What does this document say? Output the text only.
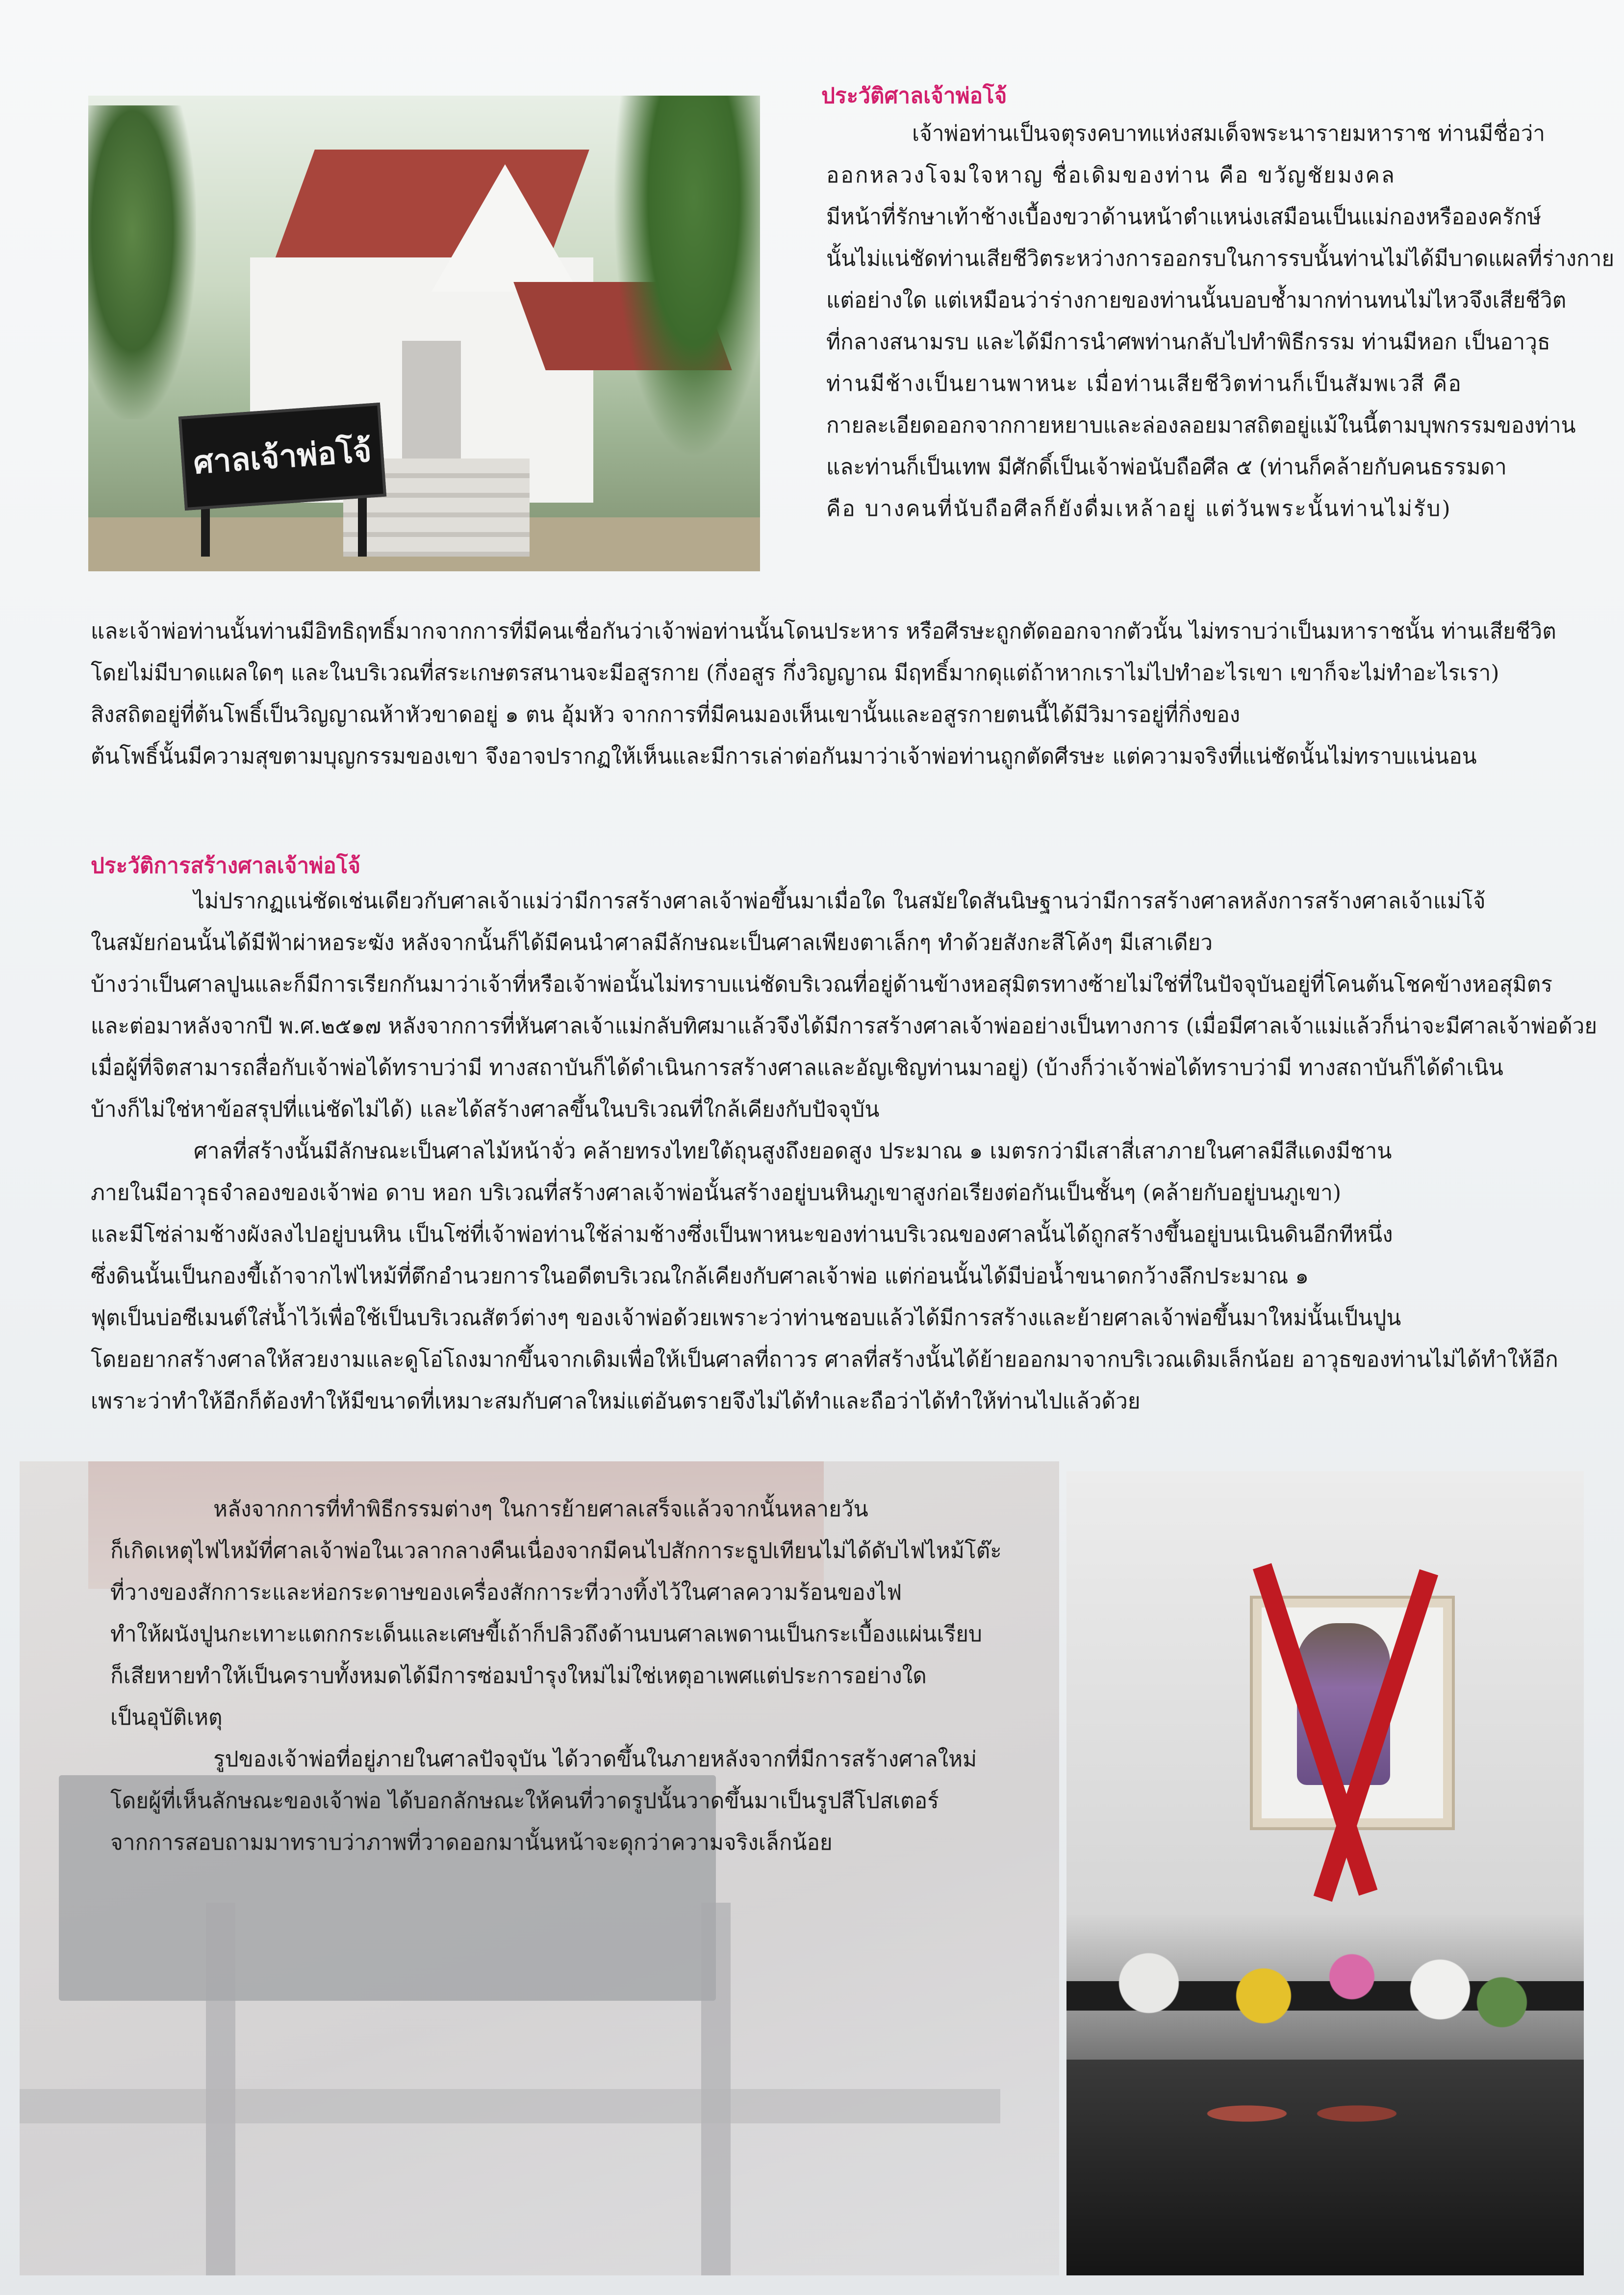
ศาลเจ้าพ่อโจ้
ประวัติศาลเจ้าพ่อโจ้
เจ้าพ่อท่านเป็นจตุรงคบาทแห่งสมเด็จพระนารายมหาราช ท่านมีชื่อว่า
ออกหลวงโจมใจหาญ ชื่อเดิมของท่าน คือ ขวัญชัยมงคล
มีหน้าที่รักษาเท้าช้างเบื้องขวาด้านหน้าตำแหน่งเสมือนเป็นแม่กองหรือองครักษ์
นั้นไม่แน่ชัดท่านเสียชีวิตระหว่างการออกรบในการรบนั้นท่านไม่ได้มีบาดแผลที่ร่างกาย
แต่อย่างใด แต่เหมือนว่าร่างกายของท่านนั้นบอบช้ำมากท่านทนไม่ไหวจึงเสียชีวิต
ที่กลางสนามรบ และได้มีการนำศพท่านกลับไปทำพิธีกรรม ท่านมีหอก เป็นอาวุธ
ท่านมีช้างเป็นยานพาหนะ เมื่อท่านเสียชีวิตท่านก็เป็นสัมพเวสี คือ
กายละเอียดออกจากกายหยาบและล่องลอยมาสถิตอยู่แม้ในนี้ตามบุพกรรมของท่าน
และท่านก็เป็นเทพ มีศักดิ์เป็นเจ้าพ่อนับถือศีล ๕ (ท่านก็คล้ายกับคนธรรมดา
คือ บางคนที่นับถือศีลก็ยังดื่มเหล้าอยู่ แต่วันพระนั้นท่านไม่รับ)
และเจ้าพ่อท่านนั้นท่านมีอิทธิฤทธิ์มากจากการที่มีคนเชื่อกันว่าเจ้าพ่อท่านนั้นโดนประหาร หรือศีรษะถูกตัดออกจากตัวนั้น ไม่ทราบว่าเป็นมหาราชนั้น ท่านเสียชีวิต
โดยไม่มีบาดแผลใดๆ และในบริเวณที่สระเกษตรสนานจะมีอสูรกาย (กึ่งอสูร กึ่งวิญญาณ มีฤทธิ์มากดุแต่ถ้าหากเราไม่ไปทำอะไรเขา เขาก็จะไม่ทำอะไรเรา)
สิงสถิตอยู่ที่ต้นโพธิ์เป็นวิญญาณห้าหัวขาดอยู่ ๑ ตน อุ้มหัว จากการที่มีคนมองเห็นเขานั้นและอสูรกายตนนี้ได้มีวิมารอยู่ที่กิ่งของ
ต้นโพธิ์นั้นมีความสุขตามบุญกรรมของเขา จึงอาจปรากฏให้เห็นและมีการเล่าต่อกันมาว่าเจ้าพ่อท่านถูกตัดศีรษะ แต่ความจริงที่แน่ชัดนั้นไม่ทราบแน่นอน
ประวัติการสร้างศาลเจ้าพ่อโจ้
ไม่ปรากฏแน่ชัดเช่นเดียวกับศาลเจ้าแม่ว่ามีการสร้างศาลเจ้าพ่อขึ้นมาเมื่อใด ในสมัยใดสันนิษฐานว่ามีการสร้างศาลหลังการสร้างศาลเจ้าแม่โจ้
ในสมัยก่อนนั้นได้มีฟ้าผ่าหอระฆัง หลังจากนั้นก็ได้มีคนนำศาลมีลักษณะเป็นศาลเพียงตาเล็กๆ ทำด้วยสังกะสีโค้งๆ มีเสาเดียว
บ้างว่าเป็นศาลปูนและก็มีการเรียกกันมาว่าเจ้าที่หรือเจ้าพ่อนั้นไม่ทราบแน่ชัดบริเวณที่อยู่ด้านข้างหอสุมิตรทางซ้ายไม่ใช่ที่ในปัจจุบันอยู่ที่โคนต้นโชคข้างหอสุมิตร
และต่อมาหลังจากปี พ.ศ.๒๕๑๗ หลังจากการที่หันศาลเจ้าแม่กลับทิศมาแล้วจึงได้มีการสร้างศาลเจ้าพ่ออย่างเป็นทางการ (เมื่อมีศาลเจ้าแม่แล้วก็น่าจะมีศาลเจ้าพ่อด้วย
เมื่อผู้ที่จิตสามารถสื่อกับเจ้าพ่อได้ทราบว่ามี ทางสถาบันก็ได้ดำเนินการสร้างศาลและอัญเชิญท่านมาอยู่) (บ้างก็ว่าเจ้าพ่อได้ทราบว่ามี ทางสถาบันก็ได้ดำเนิน
บ้างก็ไม่ใช่หาข้อสรุปที่แน่ชัดไม่ได้) และได้สร้างศาลขึ้นในบริเวณที่ใกล้เคียงกับปัจจุบัน
ศาลที่สร้างนั้นมีลักษณะเป็นศาลไม้หน้าจั่ว คล้ายทรงไทยใต้ถุนสูงถึงยอดสูง ประมาณ ๑ เมตรกว่ามีเสาสี่เสาภายในศาลมีสีแดงมีชาน
ภายในมีอาวุธจำลองของเจ้าพ่อ ดาบ หอก บริเวณที่สร้างศาลเจ้าพ่อนั้นสร้างอยู่บนหินภูเขาสูงก่อเรียงต่อกันเป็นชั้นๆ (คล้ายกับอยู่บนภูเขา)
และมีโซ่ล่ามช้างผังลงไปอยู่บนหิน เป็นโซ่ที่เจ้าพ่อท่านใช้ล่ามช้างซึ่งเป็นพาหนะของท่านบริเวณของศาลนั้นได้ถูกสร้างขึ้นอยู่บนเนินดินอีกทีหนึ่ง
ซึ่งดินนั้นเป็นกองขี้เถ้าจากไฟไหม้ที่ตึกอำนวยการในอดีตบริเวณใกล้เคียงกับศาลเจ้าพ่อ แต่ก่อนนั้นได้มีบ่อน้ำขนาดกว้างลึกประมาณ ๑
ฟุตเป็นบ่อซีเมนต์ใส่น้ำไว้เพื่อใช้เป็นบริเวณสัตว์ต่างๆ ของเจ้าพ่อด้วยเพราะว่าท่านชอบแล้วได้มีการสร้างและย้ายศาลเจ้าพ่อขึ้นมาใหม่นั้นเป็นปูน
โดยอยากสร้างศาลให้สวยงามและดูโอ่โถงมากขึ้นจากเดิมเพื่อให้เป็นศาลที่ถาวร ศาลที่สร้างนั้นได้ย้ายออกมาจากบริเวณเดิมเล็กน้อย อาวุธของท่านไม่ได้ทำให้อีก
เพราะว่าทำให้อีกก็ต้องทำให้มีขนาดที่เหมาะสมกับศาลใหม่แต่อันตรายจึงไม่ได้ทำและถือว่าได้ทำให้ท่านไปแล้วด้วย
หลังจากการที่ทำพิธีกรรมต่างๆ ในการย้ายศาลเสร็จแล้วจากนั้นหลายวัน
ก็เกิดเหตุไฟไหม้ที่ศาลเจ้าพ่อในเวลากลางคืนเนื่องจากมีคนไปสักการะธูปเทียนไม่ได้ดับไฟไหม้โต๊ะ
ที่วางของสักการะและห่อกระดาษของเครื่องสักการะที่วางทิ้งไว้ในศาลความร้อนของไฟ
ทำให้ผนังปูนกะเทาะแตกกระเด็นและเศษขี้เถ้าก็ปลิวถึงด้านบนศาลเพดานเป็นกระเบื้องแผ่นเรียบ
ก็เสียหายทำให้เป็นคราบทั้งหมดได้มีการซ่อมบำรุงใหม่ไม่ใช่เหตุอาเพศแต่ประการอย่างใด
เป็นอุบัติเหตุ
รูปของเจ้าพ่อที่อยู่ภายในศาลปัจจุบัน ได้วาดขึ้นในภายหลังจากที่มีการสร้างศาลใหม่
โดยผู้ที่เห็นลักษณะของเจ้าพ่อ ได้บอกลักษณะให้คนที่วาดรูปนั้นวาดขึ้นมาเป็นรูปสีโปสเตอร์
จากการสอบถามมาทราบว่าภาพที่วาดออกมานั้นหน้าจะดุกว่าความจริงเล็กน้อย
